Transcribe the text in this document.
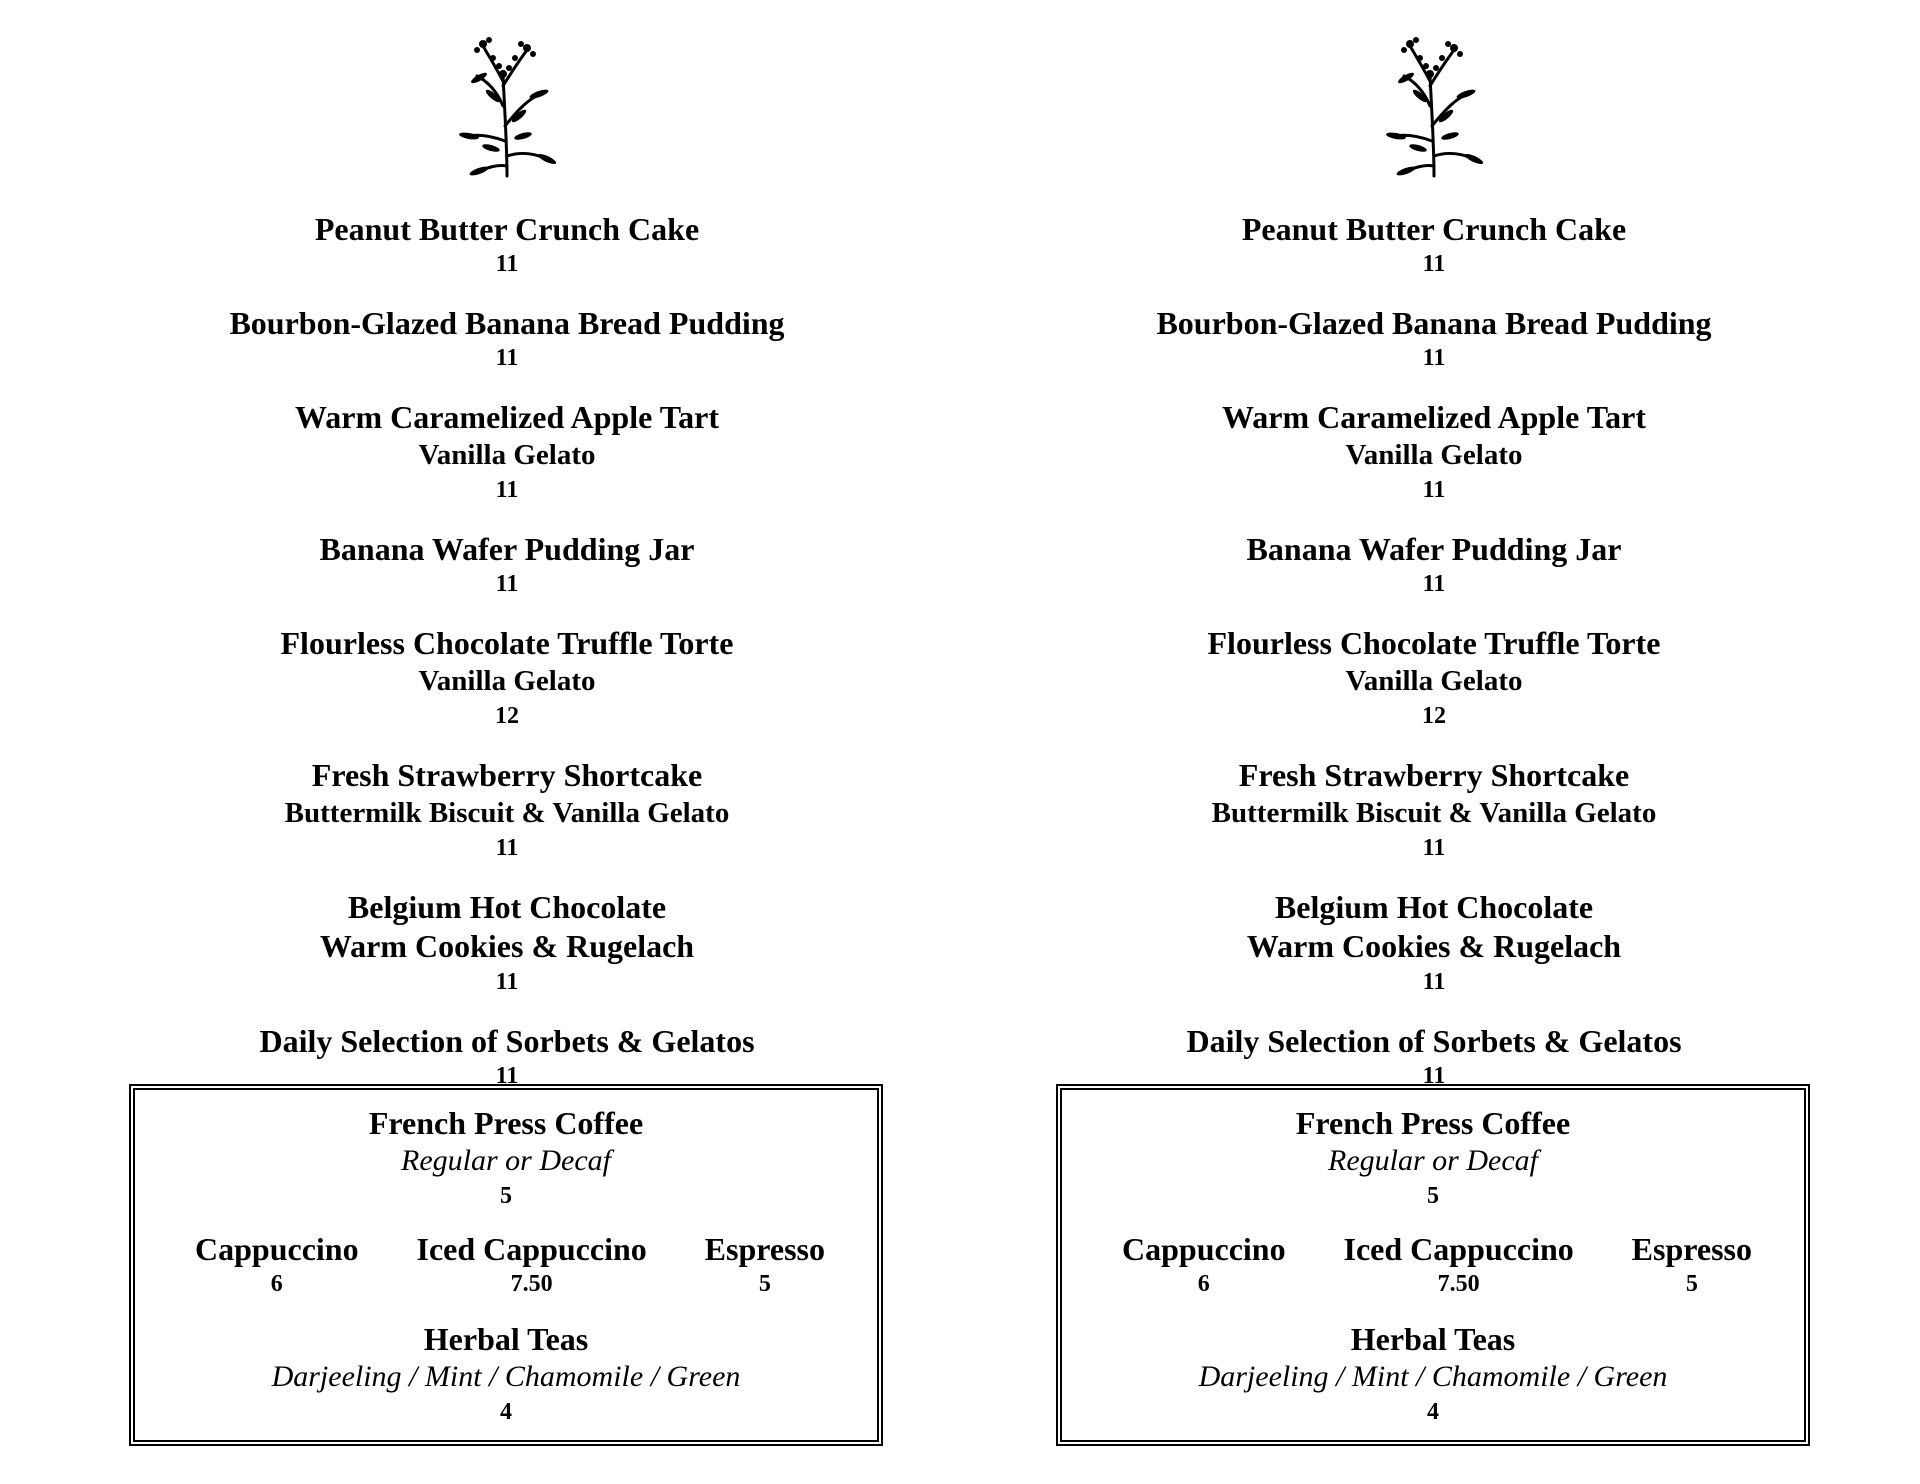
Peanut Butter Crunch Cake
11
Bourbon-Glazed Banana Bread Pudding
11
Warm Caramelized Apple Tart
Vanilla Gelato
11
Banana Wafer Pudding Jar
11
Flourless Chocolate Truffle Torte
Vanilla Gelato
12
Fresh Strawberry Shortcake
Buttermilk Biscuit & Vanilla Gelato
11
Belgium Hot Chocolate
Warm Cookies & Rugelach
11
Daily Selection of Sorbets & Gelatos
11
French Press Coffee
Regular or Decaf
5
Cappuccino
6
Iced Cappuccino
7.50
Espresso
5
Herbal Teas
Darjeeling / Mint / Chamomile / Green
4
Peanut Butter Crunch Cake
11
Bourbon-Glazed Banana Bread Pudding
11
Warm Caramelized Apple Tart
Vanilla Gelato
11
Banana Wafer Pudding Jar
11
Flourless Chocolate Truffle Torte
Vanilla Gelato
12
Fresh Strawberry Shortcake
Buttermilk Biscuit & Vanilla Gelato
11
Belgium Hot Chocolate
Warm Cookies & Rugelach
11
Daily Selection of Sorbets & Gelatos
11
French Press Coffee
Regular or Decaf
5
Cappuccino
6
Iced Cappuccino
7.50
Espresso
5
Herbal Teas
Darjeeling / Mint / Chamomile / Green
4
